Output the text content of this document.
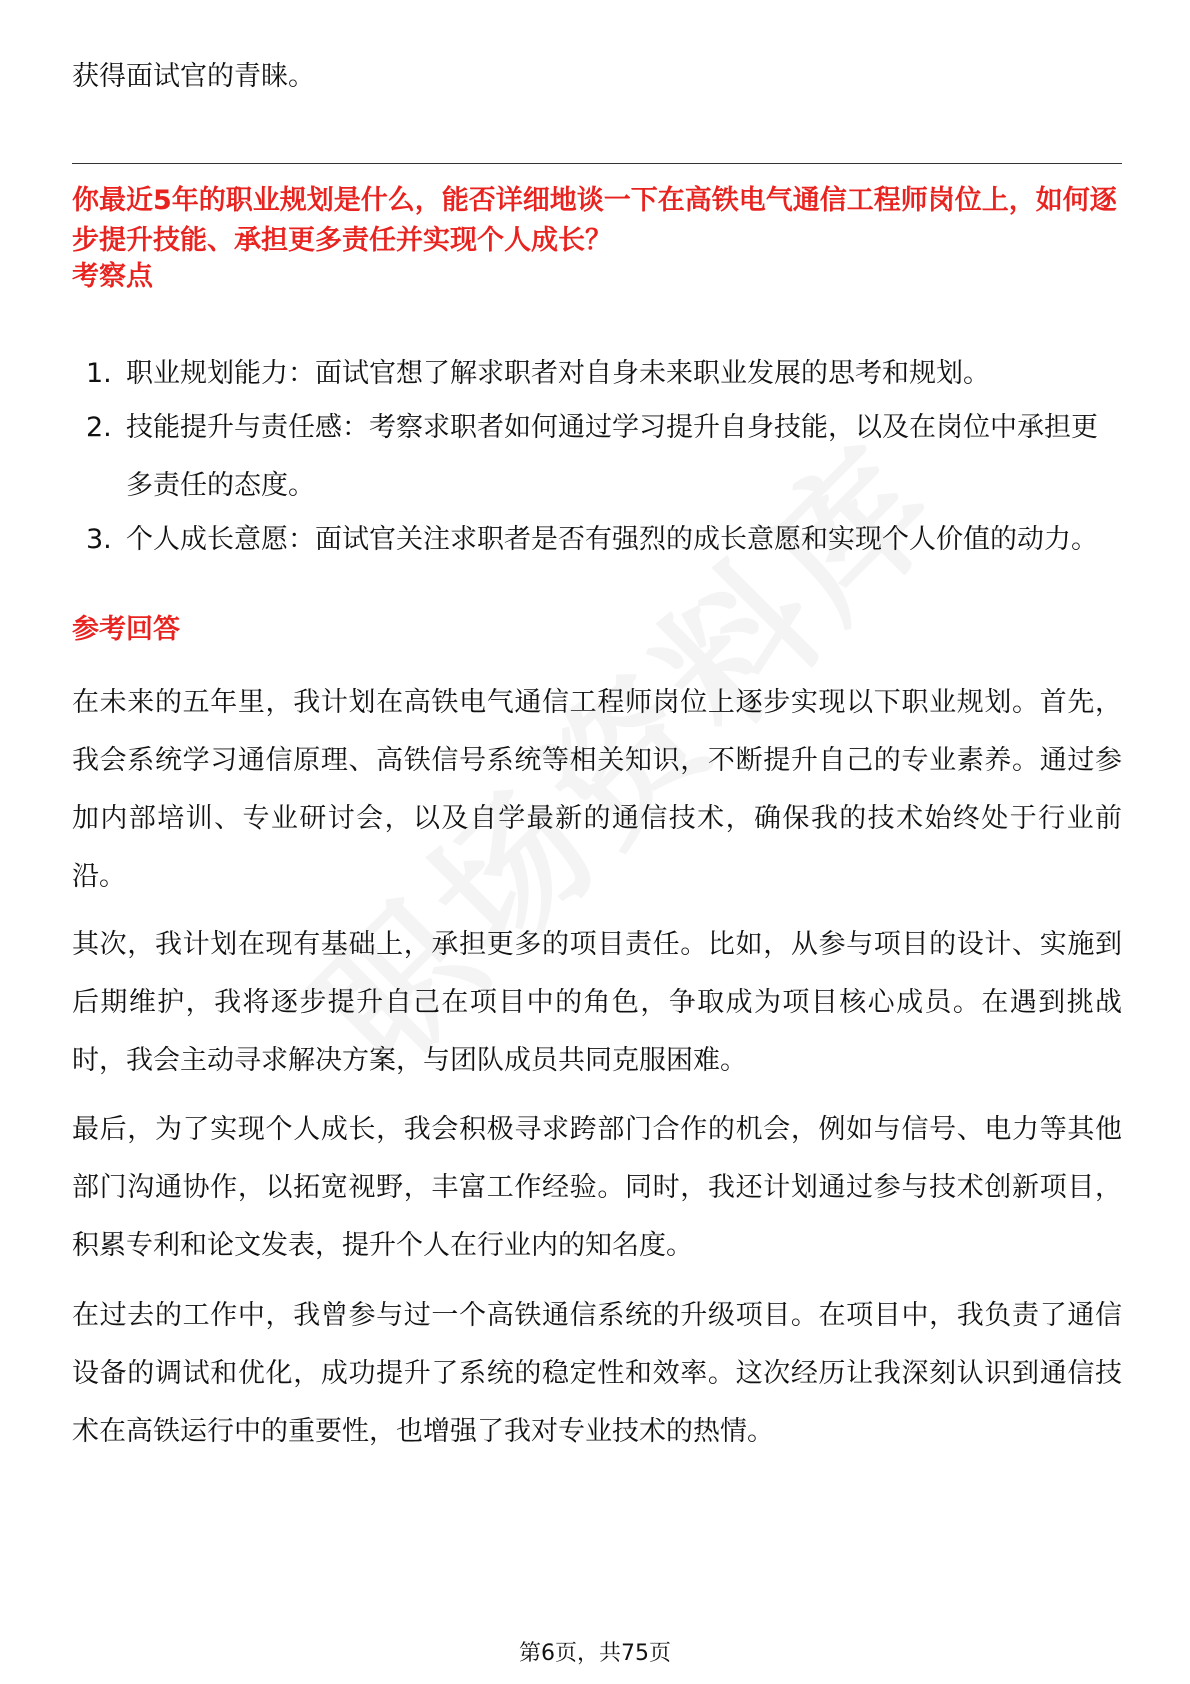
获得面试官的青睐。
你最近5年的职业规划是什么，能否详细地谈一下在高铁电气通信工程师岗位上，如何逐步提升技能、承担更多责任并实现个人成长？
考察点
1. 职业规划能力：面试官想了解求职者对自身未来职业发展的思考和规划。
2. 技能提升与责任感：考察求职者如何通过学习提升自身技能，以及在岗位中承担更多责任的态度。
3. 个人成长意愿：面试官关注求职者是否有强烈的成长意愿和实现个人价值的动力。
参考回答
在未来的五年里，我计划在高铁电气通信工程师岗位上逐步实现以下职业规划。首先，我会系统学习通信原理、高铁信号系统等相关知识，不断提升自己的专业素养。通过参加内部培训、专业研讨会，以及自学最新的通信技术，确保我的技术始终处于行业前沿。
其次，我计划在现有基础上，承担更多的项目责任。比如，从参与项目的设计、实施到后期维护，我将逐步提升自己在项目中的角色，争取成为项目核心成员。在遇到挑战时，我会主动寻求解决方案，与团队成员共同克服困难。
最后，为了实现个人成长，我会积极寻求跨部门合作的机会，例如与信号、电力等其他部门沟通协作，以拓宽视野，丰富工作经验。同时，我还计划通过参与技术创新项目，积累专利和论文发表，提升个人在行业内的知名度。
在过去的工作中，我曾参与过一个高铁通信系统的升级项目。在项目中，我负责了通信设备的调试和优化，成功提升了系统的稳定性和效率。这次经历让我深刻认识到通信技术在高铁运行中的重要性，也增强了我对专业技术的热情。
第6页，共75页
